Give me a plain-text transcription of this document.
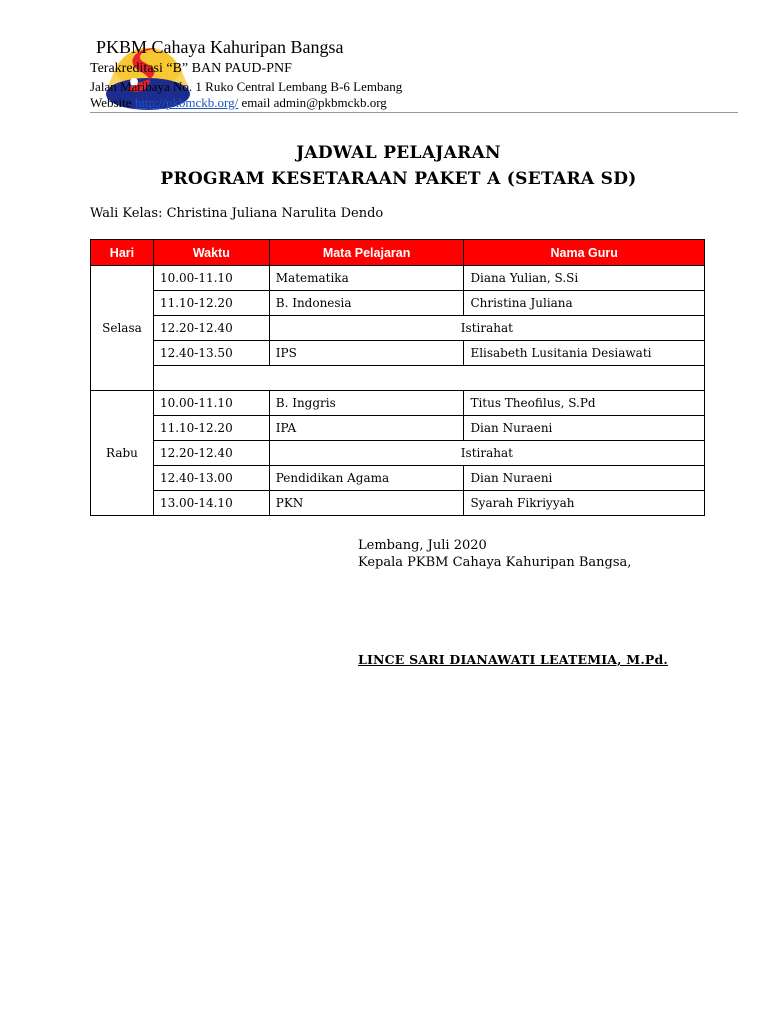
PKBM Cahaya Kahuripan Bangsa
Terakreditasi “B” BAN PAUD-PNF
Jalan Maribaya No. 1 Ruko Central Lembang B-6 Lembang
Website http://pkbmckb.org/ email admin@pkbmckb.org
JADWAL PELAJARAN
PROGRAM KESETARAAN PAKET A (SETARA SD)
Wali Kelas: Christina Juliana Narulita Dendo
Hari	Waktu	Mata Pelajaran	Nama Guru
Selasa	10.00-11.10	Matematika	Diana Yulian, S.Si
	11.10-12.20	B. Indonesia	Christina Juliana
	12.20-12.40	Istirahat	
	12.40-13.50	IPS	Elisabeth Lusitania Desiawati

Rabu	10.00-11.10	B. Inggris	Titus Theofilus, S.Pd
	11.10-12.20	IPA	Dian Nuraeni
	12.20-12.40	Istirahat	
	12.40-13.00	Pendidikan Agama	Dian Nuraeni
	13.00-14.10	PKN	Syarah Fikriyyah
Lembang, Juli 2020
Kepala PKBM Cahaya Kahuripan Bangsa,
LINCE SARI DIANAWATI LEATEMIA, M.Pd.
